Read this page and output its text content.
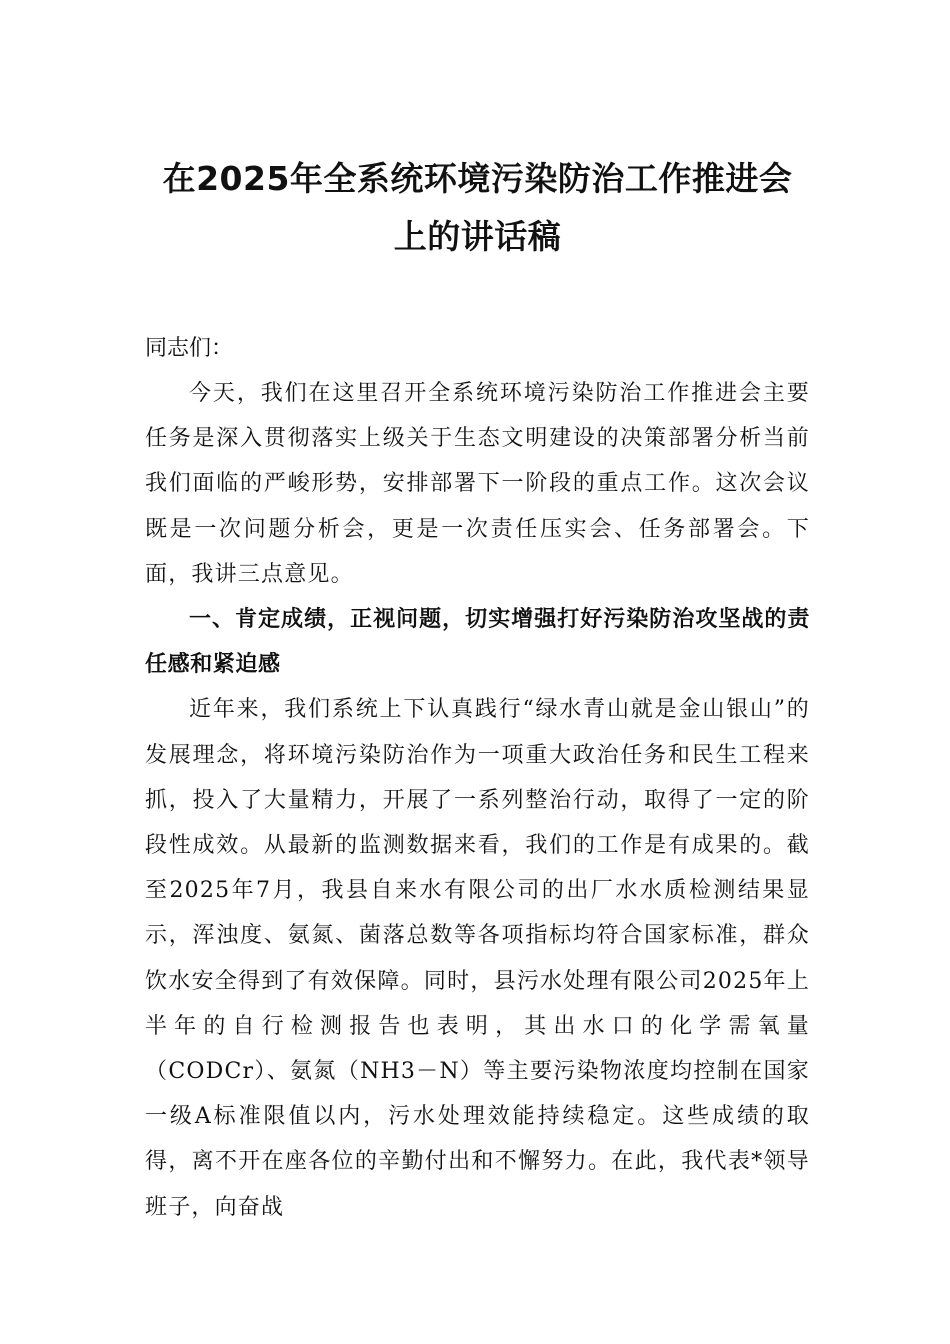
在2025年全系统环境污染防治工作推进会
上的讲话稿

同志们：

今天，我们在这里召开全系统环境污染防治工作推进会主要任务是深入贯彻落实上级关于生态文明建设的决策部署分析当前我们面临的严峻形势，安排部署下一阶段的重点工作。这次会议既是一次问题分析会，更是一次责任压实会、任务部署会。下面，我讲三点意见。

一、肯定成绩，正视问题，切实增强打好污染防治攻坚战的责任感和紧迫感

近年来，我们系统上下认真践行“绿水青山就是金山银山”的发展理念，将环境污染防治作为一项重大政治任务和民生工程来抓，投入了大量精力，开展了一系列整治行动，取得了一定的阶段性成效。从最新的监测数据来看，我们的工作是有成果的。截至2025年7月，我县自来水有限公司的出厂水水质检测结果显示，浑浊度、氨氮、菌落总数等各项指标均符合国家标准，群众饮水安全得到了有效保障。同时，县污水处理有限公司2025年上半年的自行检测报告也表明，其出水口的化学需氧量（CODCr）、氨氮（NH3－N）等主要污染物浓度均控制在国家一级A标准限值以内，污水处理效能持续稳定。这些成绩的取得，离不开在座各位的辛勤付出和不懈努力。在此，我代表*领导班子，向奋战
